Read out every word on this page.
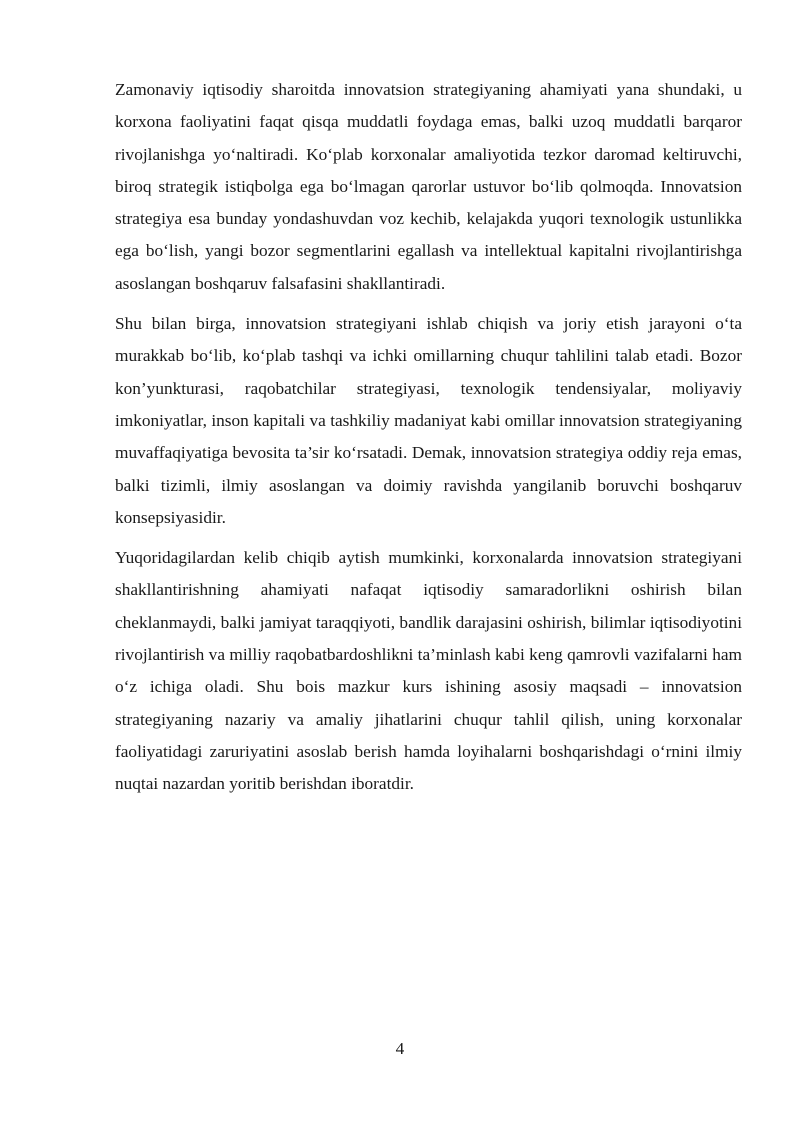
Zamonaviy iqtisodiy sharoitda innovatsion strategiyaning ahamiyati yana shundaki, u korxona faoliyatini faqat qisqa muddatli foydaga emas, balki uzoq muddatli barqaror rivojlanishga yo‘naltiradi. Ko‘plab korxonalar amaliyotida tezkor daromad keltiruvchi, biroq strategik istiqbolga ega bo‘lmagan qarorlar ustuvor bo‘lib qolmoqda. Innovatsion strategiya esa bunday yondashuvdan voz kechib, kelajakda yuqori texnologik ustunlikka ega bo‘lish, yangi bozor segmentlarini egallash va intellektual kapitalni rivojlantirishga asoslangan boshqaruv falsafasini shakllantiradi.

Shu bilan birga, innovatsion strategiyani ishlab chiqish va joriy etish jarayoni o‘ta murakkab bo‘lib, ko‘plab tashqi va ichki omillarning chuqur tahlilini talab etadi. Bozor kon’yunkturasi, raqobatchilar strategiyasi, texnologik tendensiyalar, moliyaviy imkoniyatlar, inson kapitali va tashkiliy madaniyat kabi omillar innovatsion strategiyaning muvaffaqiyatiga bevosita ta’sir ko‘rsatadi. Demak, innovatsion strategiya oddiy reja emas, balki tizimli, ilmiy asoslangan va doimiy ravishda yangilanib boruvchi boshqaruv konsepsiyasidir.

Yuqoridagilardan kelib chiqib aytish mumkinki, korxonalarda innovatsion strategiyani shakllantirishning ahamiyati nafaqat iqtisodiy samaradorlikni oshirish bilan cheklanmaydi, balki jamiyat taraqqiyoti, bandlik darajasini oshirish, bilimlar iqtisodiyotini rivojlantirish va milliy raqobatbardoshlikni ta’minlash kabi keng qamrovli vazifalarni ham o‘z ichiga oladi. Shu bois mazkur kurs ishining asosiy maqsadi – innovatsion strategiyaning nazariy va amaliy jihatlarini chuqur tahlil qilish, uning korxonalar faoliyatidagi zaruriyatini asoslab berish hamda loyihalarni boshqarishdagi o‘rnini ilmiy nuqtai nazardan yoritib berishdan iboratdir.

4
